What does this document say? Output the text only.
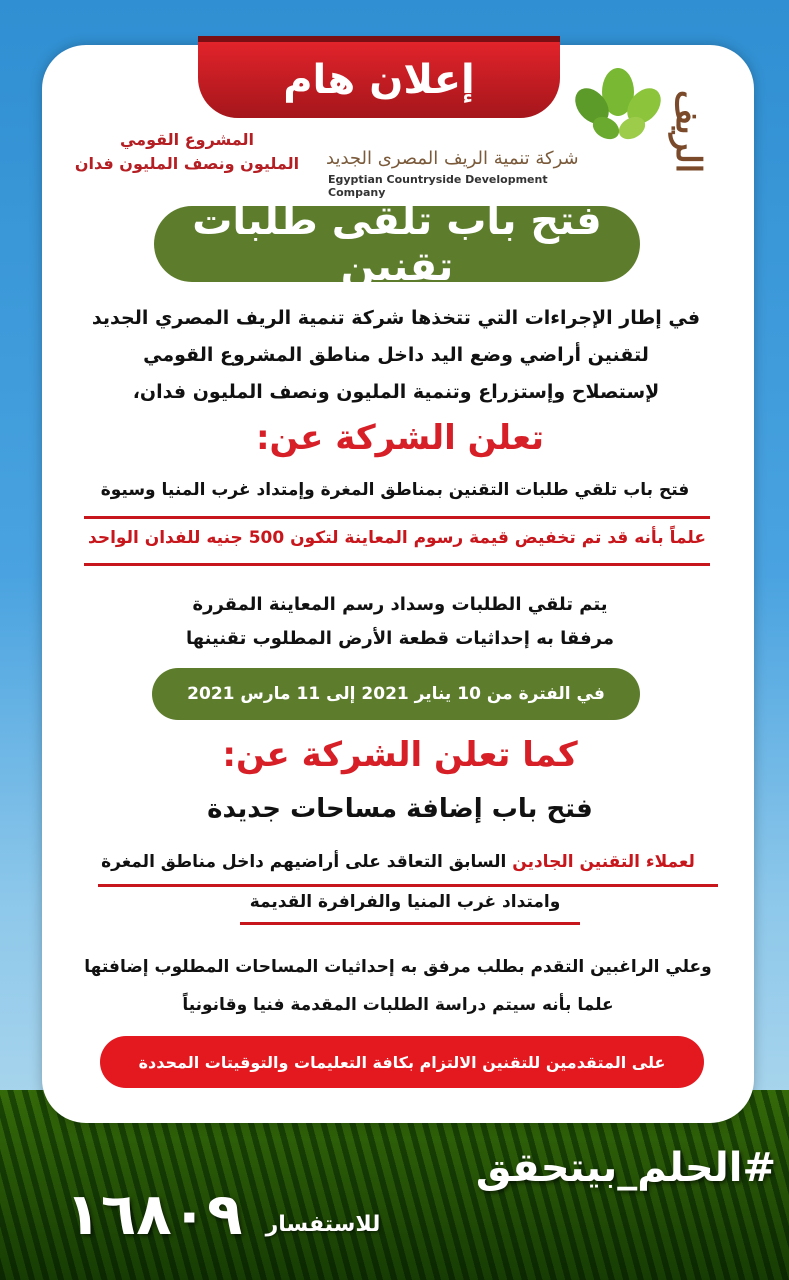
إعلان هام
الريف
شركة تنمية الريف المصرى الجديد
Egyptian Countryside Development Company
المشروع القومي
المليون ونصف المليون فدان
فتح باب تلقى طلبات تقنين
في إطار الإجراءات التي تتخذها شركة تنمية الريف المصري الجديد
لتقنين أراضي وضع اليد داخل مناطق المشروع القومي
لإستصلاح وإستزراع وتنمية المليون ونصف المليون فدان،
تعلن الشركة عن:
فتح باب تلقي طلبات التقنين بمناطق المغرة وإمتداد غرب المنيا وسيوة
علماً بأنه قد تم تخفيض قيمة رسوم المعاينة لتكون 500 جنيه للفدان الواحد
يتم تلقي الطلبات وسداد رسم المعاينة المقررة
مرفقا به إحداثيات قطعة الأرض المطلوب تقنينها
في الفترة من 10 يناير 2021 إلى 11 مارس 2021
كما تعلن الشركة عن:
فتح باب إضافة مساحات جديدة
لعملاء التقنين الجادين السابق التعاقد على أراضيهم داخل مناطق المغرة
وامتداد غرب المنيا والفرافرة القديمة
وعلي الراغبين التقدم بطلب مرفق به إحداثيات المساحات المطلوب إضافتها
علما بأنه سيتم دراسة الطلبات المقدمة فنيا وقانونياً
على المتقدمين للتقنين الالتزام بكافة التعليمات والتوقيتات المحددة
#الحلم_بيتحقق
للاستفسار
١٦٨٠٩
